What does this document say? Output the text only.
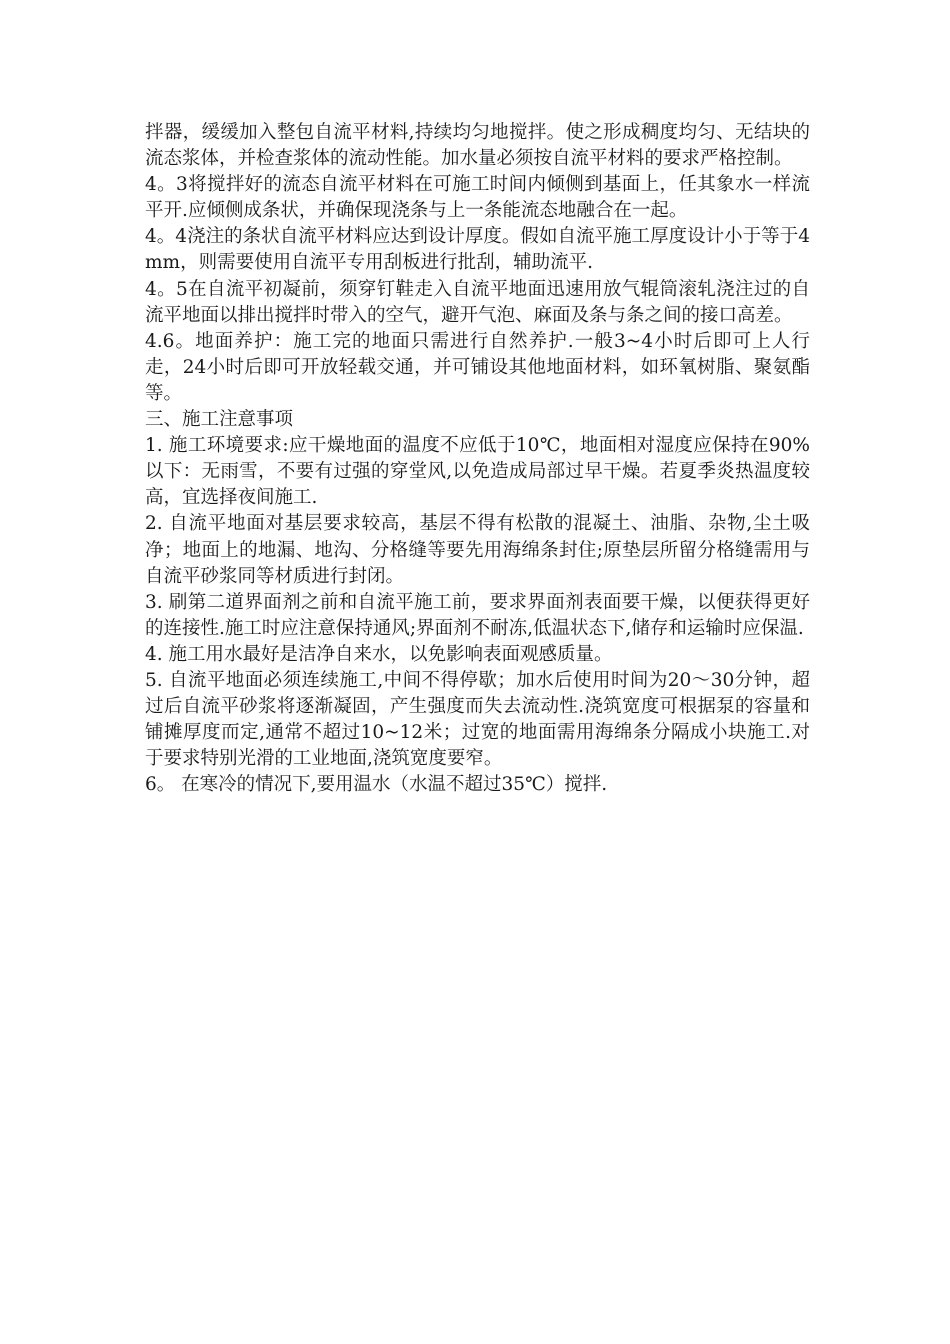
拌器，缓缓加入整包自流平材料,持续均匀地搅拌。使之形成稠度均匀、无结块的流态浆体，并检查浆体的流动性能。加水量必须按自流平材料的要求严格控制。

4。3将搅拌好的流态自流平材料在可施工时间内倾侧到基面上，任其象水一样流平开.应倾侧成条状，并确保现浇条与上一条能流态地融合在一起。

4。4浇注的条状自流平材料应达到设计厚度。假如自流平施工厚度设计小于等于4mm，则需要使用自流平专用刮板进行批刮，辅助流平.

4。5在自流平初凝前，须穿钉鞋走入自流平地面迅速用放气辊筒滚轧浇注过的自流平地面以排出搅拌时带入的空气，避开气泡、麻面及条与条之间的接口高差。

4.6。地面养护：施工完的地面只需进行自然养护.一般3~4小时后即可上人行走，24小时后即可开放轻载交通，并可铺设其他地面材料，如环氧树脂、聚氨酯等。

三、施工注意事项

1. 施工环境要求:应干燥地面的温度不应低于10℃，地面相对湿度应保持在90%以下：无雨雪，不要有过强的穿堂风,以免造成局部过早干燥。若夏季炎热温度较高，宜选择夜间施工.

2. 自流平地面对基层要求较高，基层不得有松散的混凝土、油脂、杂物,尘土吸净；地面上的地漏、地沟、分格缝等要先用海绵条封住;原垫层所留分格缝需用与自流平砂浆同等材质进行封闭。

3. 刷第二道界面剂之前和自流平施工前，要求界面剂表面要干燥，以便获得更好的连接性.施工时应注意保持通风;界面剂不耐冻,低温状态下,储存和运输时应保温.

4. 施工用水最好是洁净自来水，以免影响表面观感质量。

5. 自流平地面必须连续施工,中间不得停歇；加水后使用时间为20～30分钟，超过后自流平砂浆将逐渐凝固，产生强度而失去流动性.浇筑宽度可根据泵的容量和铺摊厚度而定,通常不超过10~12米；过宽的地面需用海绵条分隔成小块施工.对于要求特别光滑的工业地面,浇筑宽度要窄。

6。 在寒冷的情况下,要用温水（水温不超过35℃）搅拌.
